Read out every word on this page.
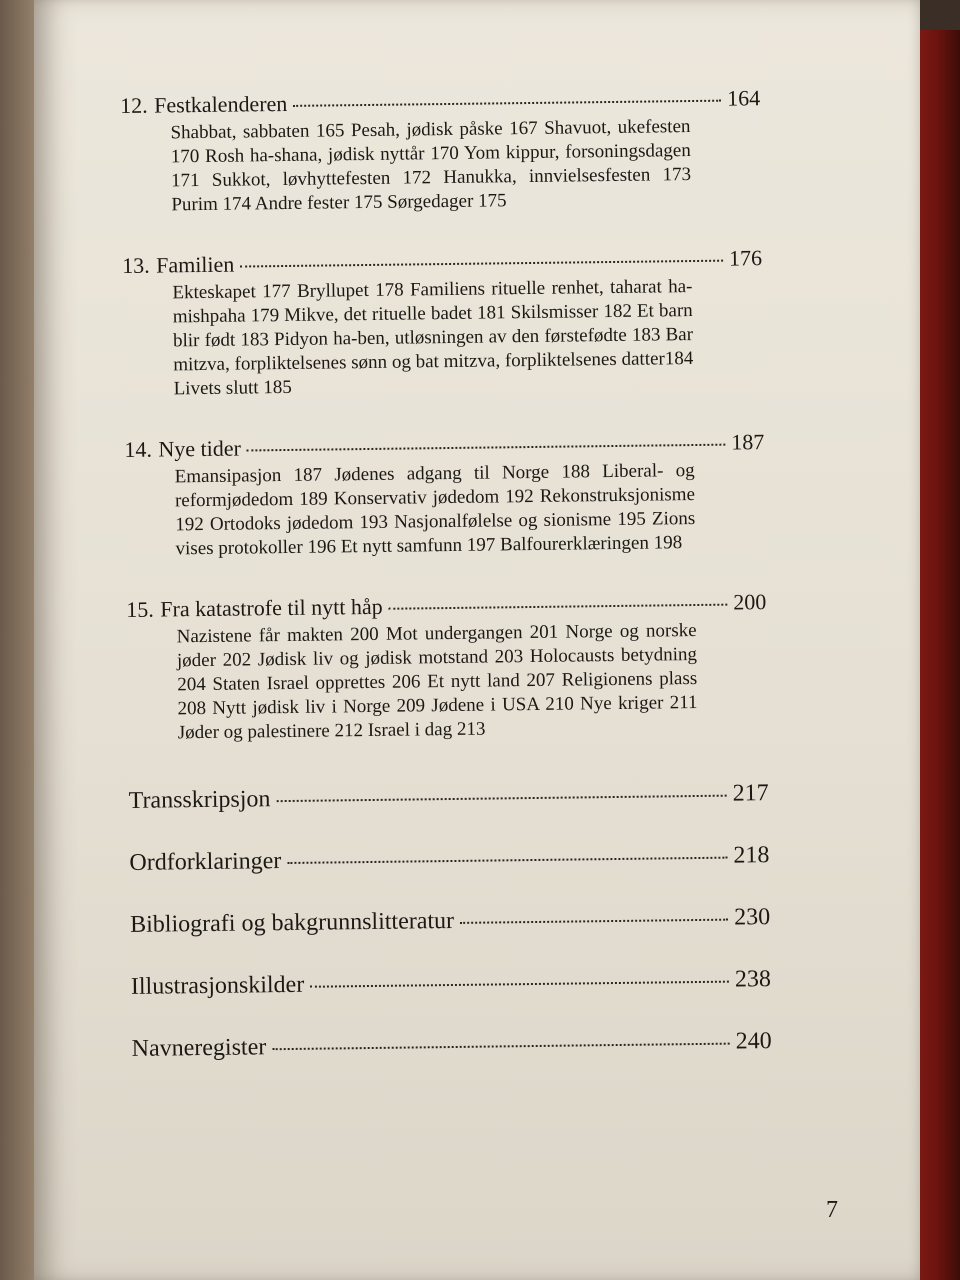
12. Festkalenderen	164
Shabbat, sabbaten 165 Pesah, jødisk påske 167 Shavuot, ukefesten 170 Rosh ha-shana, jødisk nyttår 170 Yom kippur, forsoningsdagen 171 Sukkot, løvhyttefesten 172 Hanukka, innvielsesfesten 173 Purim 174 Andre fester 175 Sørgedager 175
13. Familien	176
Ekteskapet 177 Bryllupet 178 Familiens rituelle renhet, taharat ha-mishpaha 179 Mikve, det rituelle badet 181 Skilsmisser 182 Et barn blir født 183 Pidyon ha-ben, utløsningen av den førstefødte 183 Bar mitzva, forpliktelsenes sønn og bat mitzva, forpliktelsenes datter184 Livets slutt 185
14. Nye tider	187
Emansipasjon 187 Jødenes adgang til Norge 188 Liberal- og reformjødedom 189 Konservativ jødedom 192 Rekonstruksjonisme 192 Ortodoks jødedom 193 Nasjonalfølelse og sionisme 195 Zions vises protokoller 196 Et nytt samfunn 197 Balfourerklæringen 198
15. Fra katastrofe til nytt håp	200
Nazistene får makten 200 Mot undergangen 201 Norge og norske jøder 202 Jødisk liv og jødisk motstand 203 Holocausts betydning 204 Staten Israel opprettes 206 Et nytt land 207 Religionens plass 208 Nytt jødisk liv i Norge 209 Jødene i USA 210 Nye kriger 211 Jøder og palestinere 212 Israel i dag 213
Transskripsjon	217
Ordforklaringer	218
Bibliografi og bakgrunnslitteratur	230
Illustrasjonskilder	238
Navneregister	240
7
